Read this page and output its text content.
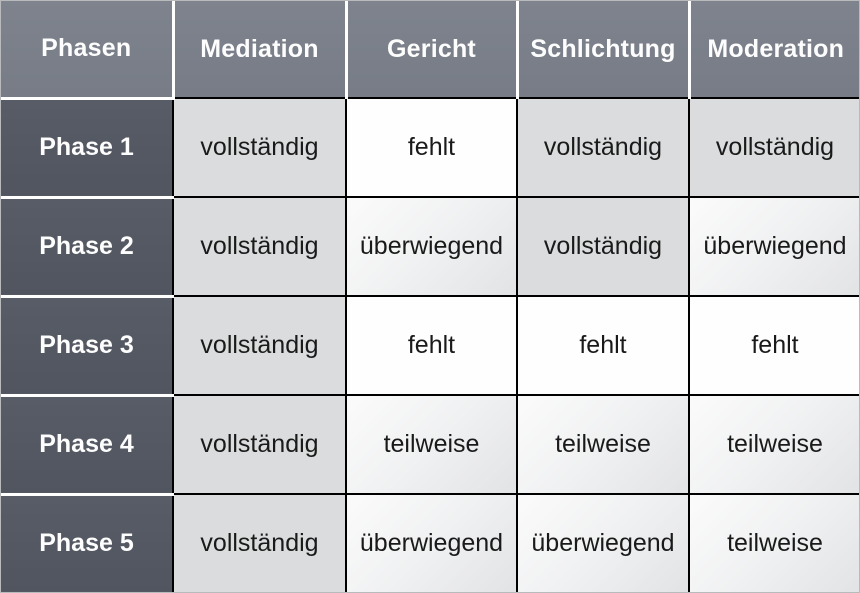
Phasen	Mediation	Gericht	Schlichtung	Moderation
Phase 1	vollständig	fehlt	vollständig	vollständig
Phase 2	vollständig	überwiegend	vollständig	überwiegend
Phase 3	vollständig	fehlt	fehlt	fehlt
Phase 4	vollständig	teilweise	teilweise	teilweise
Phase 5	vollständig	überwiegend	überwiegend	teilweise
